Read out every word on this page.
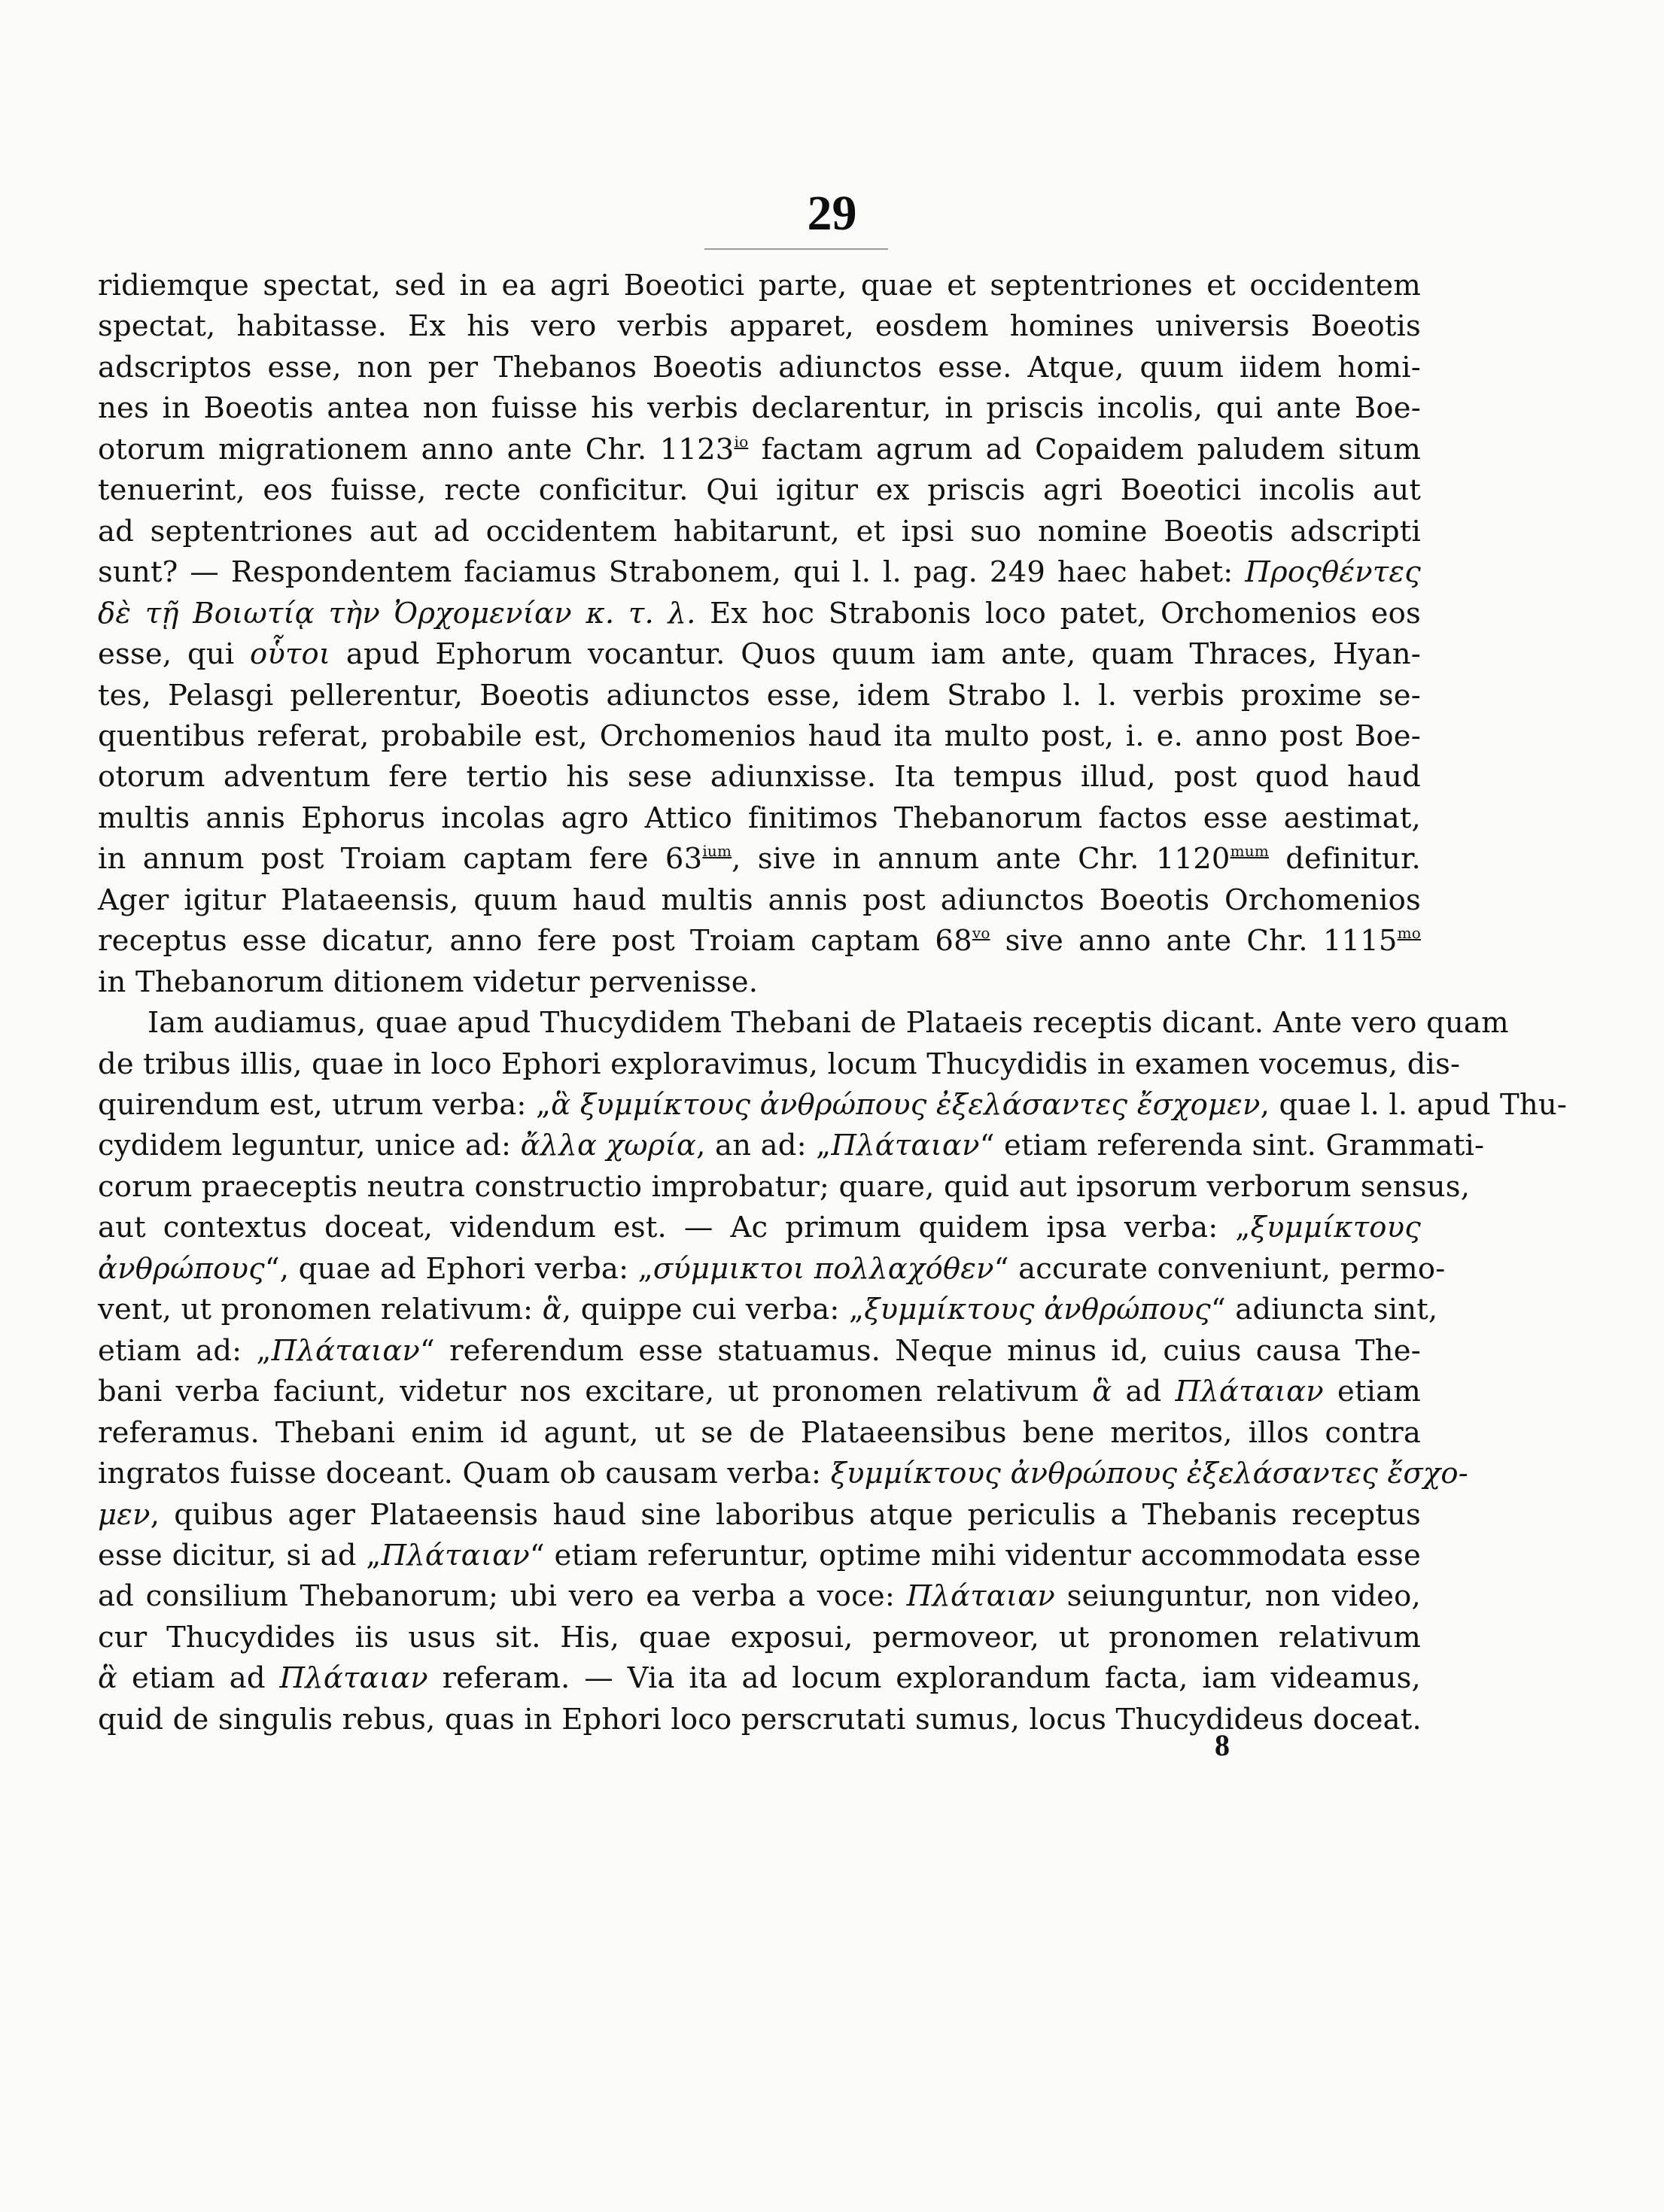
29
ridiemque spectat, sed in ea agri Boeotici parte, quae et septentriones et occidentem
spectat, habitasse. Ex his vero verbis apparet, eosdem homines universis Boeotis
adscriptos esse, non per Thebanos Boeotis adiunctos esse. Atque, quum iidem homi-
nes in Boeotis antea non fuisse his verbis declarentur, in priscis incolis, qui ante Boe-
otorum migrationem anno ante Chr. $1123^{io}$ factam agrum ad Copaidem paludem situm
tenuerint, eos fuisse, recte conficitur. Qui igitur ex priscis agri Boeotici incolis aut
ad septentriones aut ad occidentem habitarunt, et ipsi suo nomine Boeotis adscripti
sunt? — Respondentem faciamus Strabonem, qui l. l. pag. 249 haec habet: Προςθέντες
δὲ τῇ Βοιωτίᾳ τὴν Ὀρχομενίαν κ. τ. λ. Ex hoc Strabonis loco patet, Orchomenios eos
esse, qui οὗτοι apud Ephorum vocantur. Quos quum iam ante, quam Thraces, Hyan-
tes, Pelasgi pellerentur, Boeotis adiunctos esse, idem Strabo l. l. verbis proxime se-
quentibus referat, probabile est, Orchomenios haud ita multo post, i. e. anno post Boe-
otorum adventum fere tertio his sese adiunxisse. Ita tempus illud, post quod haud
multis annis Ephorus incolas agro Attico finitimos Thebanorum factos esse aestimat,
in annum post Troiam captam fere $63^{ium}$, sive in annum ante Chr. $1120^{mum}$ definitur.
Ager igitur Plataeensis, quum haud multis annis post adiunctos Boeotis Orchomenios
receptus esse dicatur, anno fere post Troiam captam $68^{vo}$ sive anno ante Chr. $1115^{mo}$
in Thebanorum ditionem videtur pervenisse.
Iam audiamus, quae apud Thucydidem Thebani de Plataeis receptis dicant. Ante vero quam
de tribus illis, quae in loco Ephori exploravimus, locum Thucydidis in examen vocemus, dis-
quirendum est, utrum verba: „ἃ ξυμμίκτους ἀνθρώπους ἐξελάσαντες ἔσχομεν, quae l. l. apud Thu-
cydidem leguntur, unice ad: ἄλλα χωρία, an ad: „Πλάταιαν“ etiam referenda sint. Grammati-
corum praeceptis neutra constructio improbatur; quare, quid aut ipsorum verborum sensus,
aut contextus doceat, videndum est. — Ac primum quidem ipsa verba: „ξυμμίκτους
ἀνθρώπους“, quae ad Ephori verba: „σύμμικτοι πολλαχόθεν“ accurate conveniunt, permo-
vent, ut pronomen relativum: ἃ, quippe cui verba: „ξυμμίκτους ἀνθρώπους“ adiuncta sint,
etiam ad: „Πλάταιαν“ referendum esse statuamus. Neque minus id, cuius causa The-
bani verba faciunt, videtur nos excitare, ut pronomen relativum ἃ ad Πλάταιαν etiam
referamus. Thebani enim id agunt, ut se de Plataeensibus bene meritos, illos contra
ingratos fuisse doceant. Quam ob causam verba: ξυμμίκτους ἀνθρώπους ἐξελάσαντες ἔσχο-
μεν, quibus ager Plataeensis haud sine laboribus atque periculis a Thebanis receptus
esse dicitur, si ad „Πλάταιαν“ etiam referuntur, optime mihi videntur accommodata esse
ad consilium Thebanorum; ubi vero ea verba a voce: Πλάταιαν seiunguntur, non video,
cur Thucydides iis usus sit. His, quae exposui, permoveor, ut pronomen relativum
ἃ etiam ad Πλάταιαν referam. — Via ita ad locum explorandum facta, iam videamus,
quid de singulis rebus, quas in Ephori loco perscrutati sumus, locus Thucydideus doceat.
8
